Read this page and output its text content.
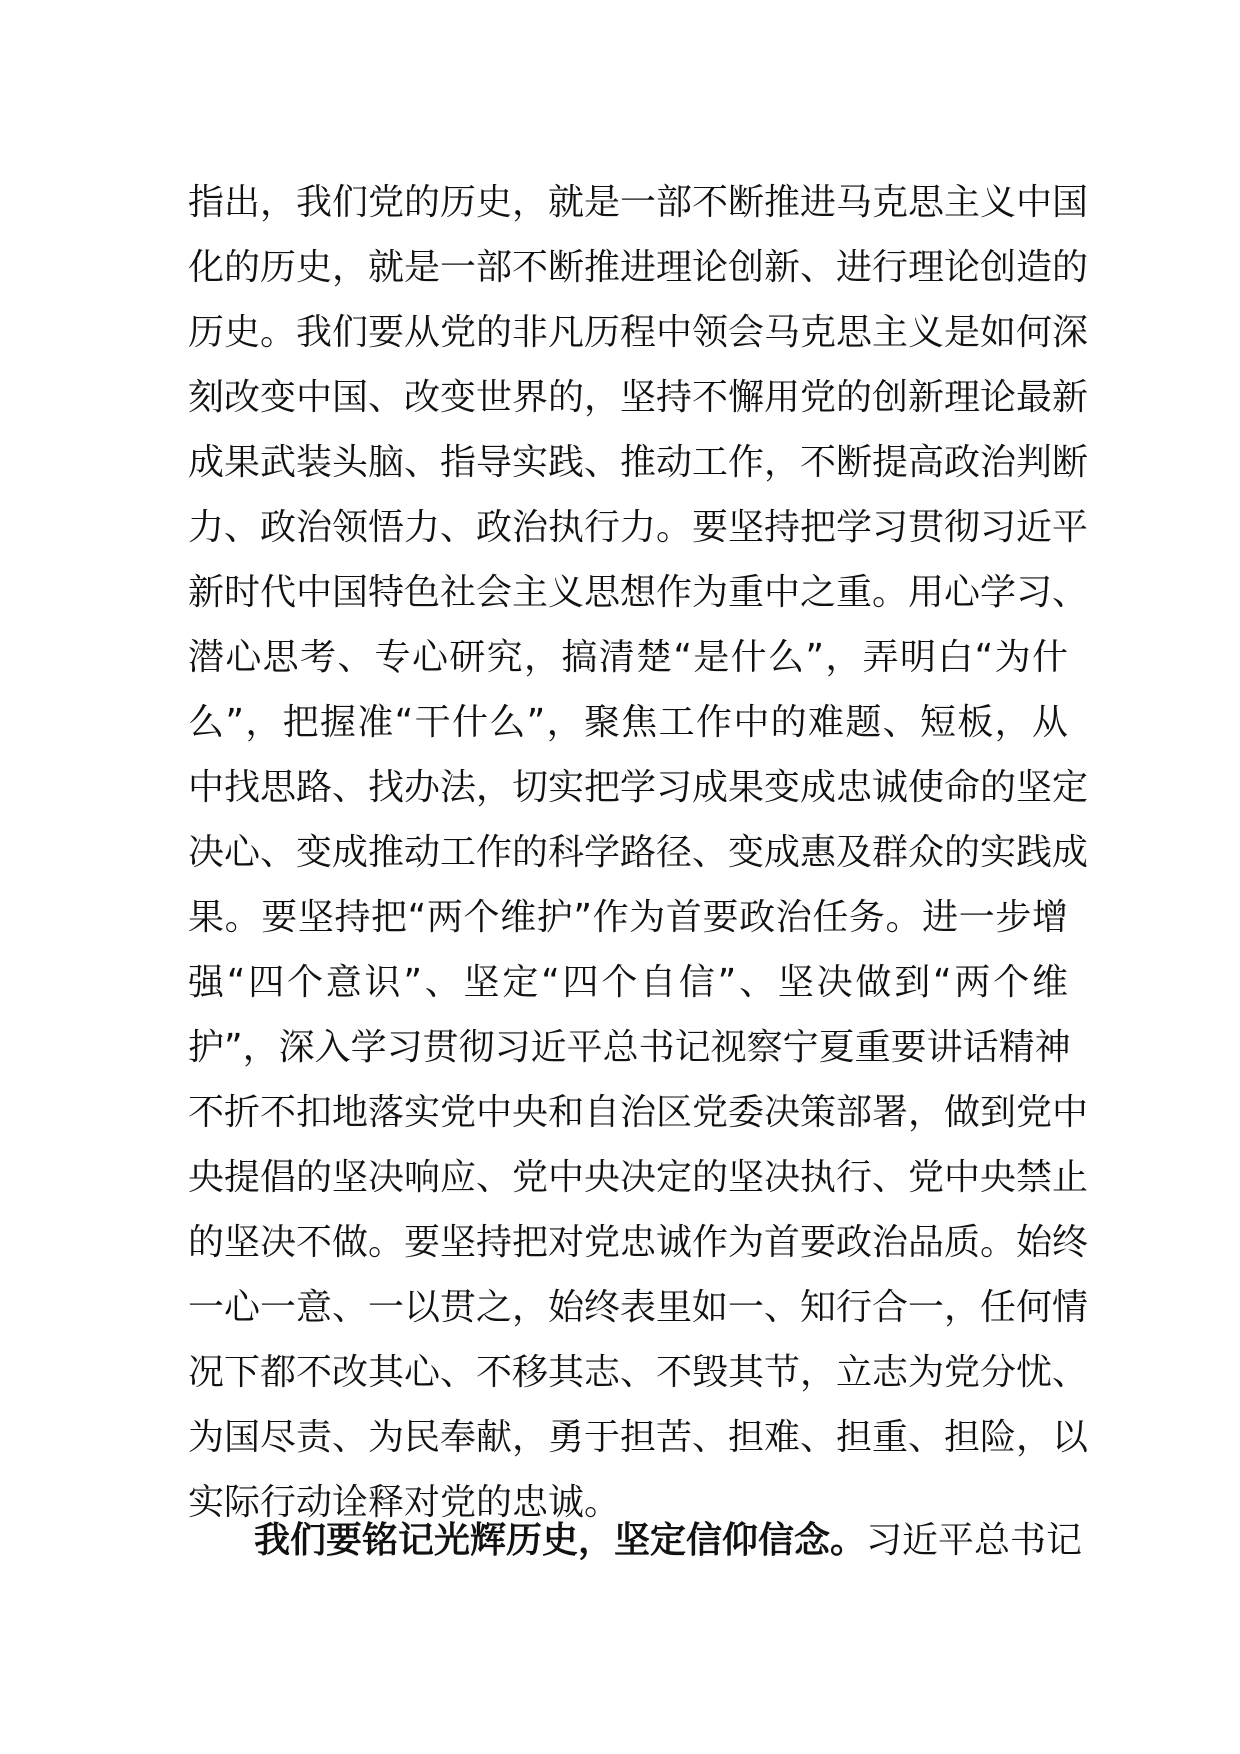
指出，我们党的历史，就是一部不断推进马克思主义中国
化的历史，就是一部不断推进理论创新、进行理论创造的
历史。我们要从党的非凡历程中领会马克思主义是如何深
刻改变中国、改变世界的，坚持不懈用党的创新理论最新
成果武装头脑、指导实践、推动工作，不断提高政治判断
力、政治领悟力、政治执行力。要坚持把学习贯彻习近平
新时代中国特色社会主义思想作为重中之重。用心学习、
潜心思考、专心研究，搞清楚“是什么”，弄明白“为什
么”，把握准“干什么”，聚焦工作中的难题、短板，从
中找思路、找办法，切实把学习成果变成忠诚使命的坚定
决心、变成推动工作的科学路径、变成惠及群众的实践成
果。要坚持把“两个维护”作为首要政治任务。进一步增
强“四个意识”、坚定“四个自信”、坚决做到“两个维
护”，深入学习贯彻习近平总书记视察宁夏重要讲话精神
不折不扣地落实党中央和自治区党委决策部署，做到党中
央提倡的坚决响应、党中央决定的坚决执行、党中央禁止
的坚决不做。要坚持把对党忠诚作为首要政治品质。始终
一心一意、一以贯之，始终表里如一、知行合一，任何情
况下都不改其心、不移其志、不毁其节，立志为党分忧、
为国尽责、为民奉献，勇于担苦、担难、担重、担险，以
实际行动诠释对党的忠诚。
我们要铭记光辉历史，坚定信仰信念。习近平总书记
